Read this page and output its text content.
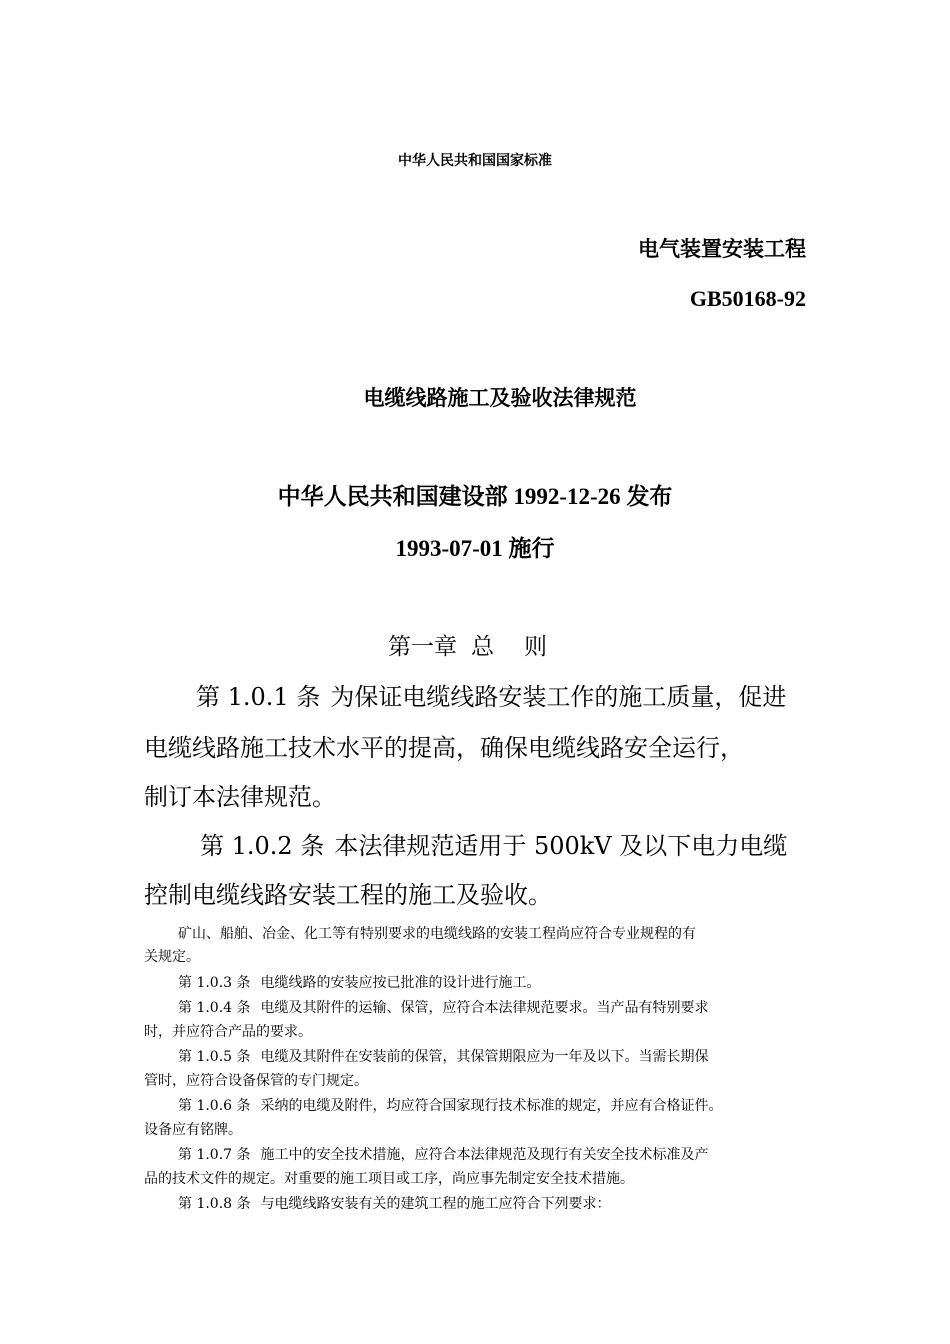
中华人民共和国国家标准
电气装置安装工程
GB50168-92
电缆线路施工及验收法律规范
中华人民共和国建设部 1992-12-26 发布
1993-07-01 施行
第一章 总 则
第 1.0.1 条 为保证电缆线路安装工作的施工质量，促进
电缆线路施工技术水平的提高，确保电缆线路安全运行，
制订本法律规范。
第 1.0.2 条 本法律规范适用于 500kV 及以下电力电缆
控制电缆线路安装工程的施工及验收。
矿山、船舶、冶金、化工等有特别要求的电缆线路的安装工程尚应符合专业规程的有
关规定。
第 1.0.3 条 电缆线路的安装应按已批准的设计进行施工。
第 1.0.4 条 电缆及其附件的运输、保管，应符合本法律规范要求。当产品有特别要求
时，并应符合产品的要求。
第 1.0.5 条 电缆及其附件在安装前的保管，其保管期限应为一年及以下。当需长期保
管时，应符合设备保管的专门规定。
第 1.0.6 条 采纳的电缆及附件，均应符合国家现行技术标准的规定，并应有合格证件。
设备应有铭牌。
第 1.0.7 条 施工中的安全技术措施，应符合本法律规范及现行有关安全技术标准及产
品的技术文件的规定。对重要的施工项目或工序，尚应事先制定安全技术措施。
第 1.0.8 条 与电缆线路安装有关的建筑工程的施工应符合下列要求：
